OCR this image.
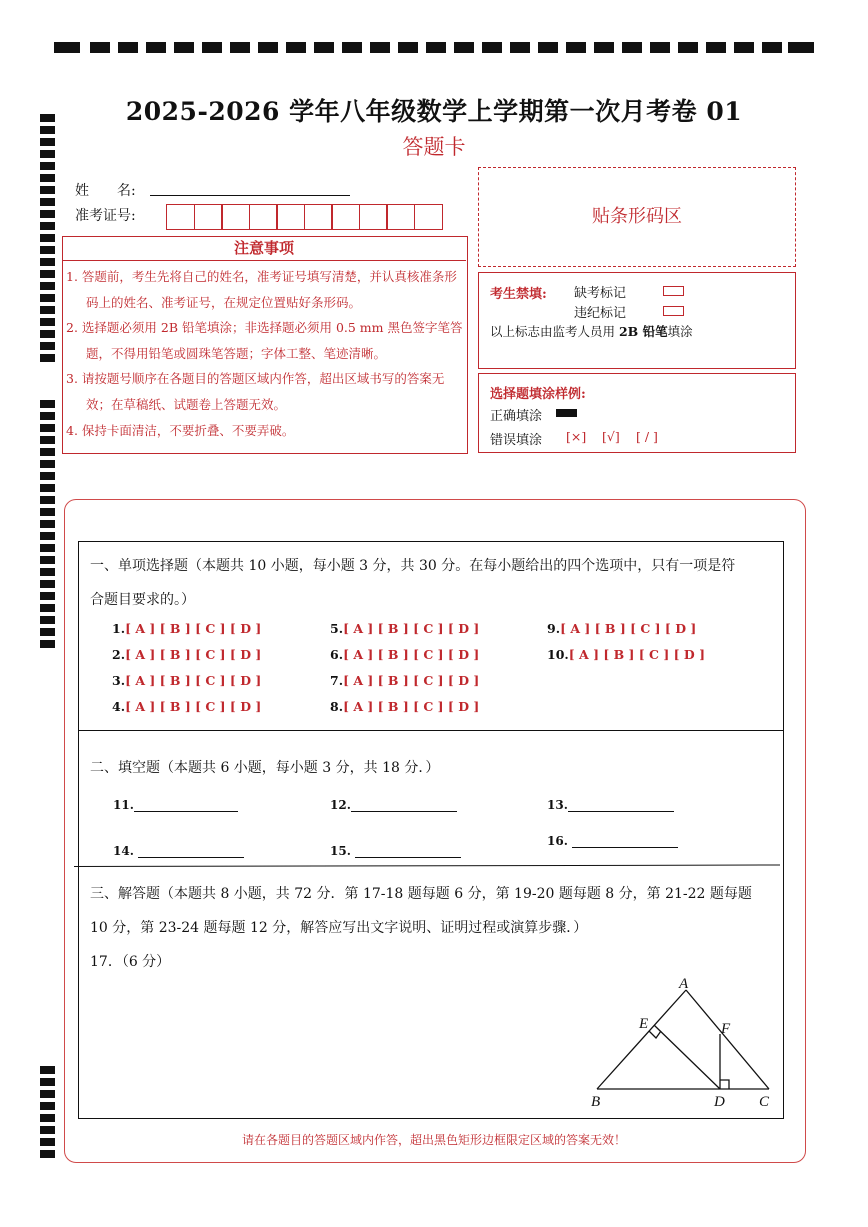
2025-2026 学年八年级数学上学期第一次月考卷 01
答题卡
姓　　名:
准考证号:	贴条形码区
注意事项
1. 答题前，考生先将自己的姓名，准考证号填写清楚，并认真核准条形码上的姓名、准考证号，在规定位置贴好条形码。
2. 选择题必须用 2B 铅笔填涂；非选择题必须用 0.5 mm 黑色签字笔答题，不得用铅笔或圆珠笔答题；字体工整、笔迹清晰。
3. 请按题号顺序在各题目的答题区域内作答，超出区域书写的答案无效；在草稿纸、试题卷上答题无效。
4. 保持卡面清洁，不要折叠、不要弄破。
考生禁填: 缺考标记
违纪标记
以上标志由监考人员用 2B 铅笔填涂
选择题填涂样例:
正确填涂
错误填涂 [×] [√] [ / ]
一、单项选择题（本题共 10 小题，每小题 3 分，共 30 分。在每小题给出的四个选项中，只有一项是符
合题目要求的。）
1.[ A ] [ B ] [ C ] [ D ]
2.[ A ] [ B ] [ C ] [ D ]
3.[ A ] [ B ] [ C ] [ D ]
4.[ A ] [ B ] [ C ] [ D ]
5.[ A ] [ B ] [ C ] [ D ]
6.[ A ] [ B ] [ C ] [ D ]
7.[ A ] [ B ] [ C ] [ D ]
8.[ A ] [ B ] [ C ] [ D ]
9.[ A ] [ B ] [ C ] [ D ]
10.[ A ] [ B ] [ C ] [ D ]
二、填空题（本题共 6 小题，每小题 3 分，共 18 分．）
11.	12.	13.
14.	15.
16.
三、解答题（本题共 8 小题，共 72 分．第 17-18 题每题 6 分，第 19-20 题每题 8 分，第 21-22 题每题
10 分，第 23-24 题每题 12 分，解答应写出文字说明、证明过程或演算步骤．）
17．（6 分）
A
B	C
D
E	F
请在各题目的答题区域内作答，超出黑色矩形边框限定区域的答案无效！
